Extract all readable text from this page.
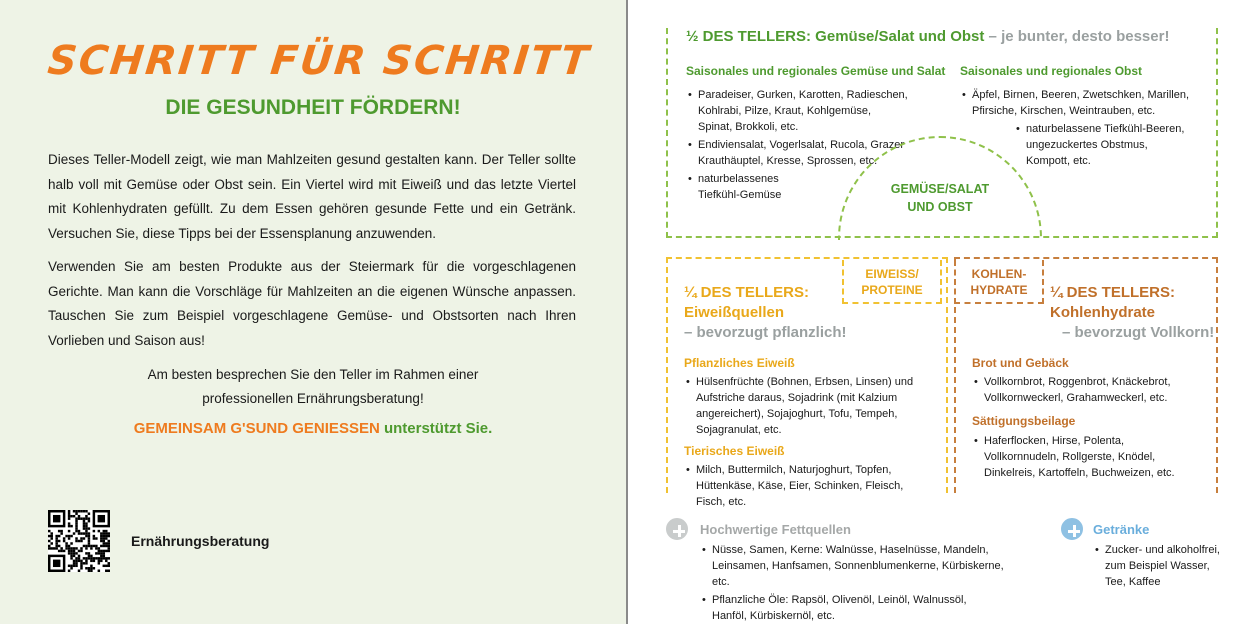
SCHRITT FÜR SCHRITT
DIE GESUNDHEIT FÖRDERN!

Dieses Teller-Modell zeigt, wie man Mahlzeiten gesund gestalten kann. Der Teller sollte halb voll mit Gemüse oder Obst sein. Ein Viertel wird mit Eiweiß und das letzte Viertel mit Kohlenhydraten gefüllt. Zu dem Essen gehören gesunde Fette und ein Getränk. Versuchen Sie, diese Tipps bei der Essensplanung anzuwenden.

Verwenden Sie am besten Produkte aus der Steiermark für die vorgeschlagenen Gerichte. Man kann die Vorschläge für Mahlzeiten an die eigenen Wünsche anpassen. Tauschen Sie zum Beispiel vorgeschlagene Gemüse- und Obstsorten nach Ihren Vorlieben und Saison aus!

Am besten besprechen Sie den Teller im Rahmen einer
professionellen Ernährungsberatung!
GEMEINSAM G'SUND GENIESSEN unterstützt Sie.
Ernährungsberatung
½ DES TELLERS: Gemüse/Salat und Obst – je bunter, desto besser!
Saisonales und regionales Gemüse und Salat
• Paradeiser, Gurken, Karotten, Radieschen, Kohlrabi, Pilze, Kraut, Kohlgemüse, Spinat, Brokkoli, etc.
• Endiviensalat, Vogerlsalat, Rucola, Grazer Krauthäuptel, Kresse, Sprossen, etc.
• naturbelassenes Tiefkühl-Gemüse
Saisonales und regionales Obst
• Äpfel, Birnen, Beeren, Zwetschken, Marillen, Pfirsiche, Kirschen, Weintrauben, etc.
• naturbelassene Tiefkühl-Beeren, ungezuckertes Obstmus, Kompott, etc.
GEMÜSE/SALAT
UND OBST
EIWEISS/
PROTEINE
¼ DES TELLERS:
Eiweißquellen
– bevorzugt pflanzlich!
Pflanzliches Eiweiß
• Hülsenfrüchte (Bohnen, Erbsen, Linsen) und Aufstriche daraus, Sojadrink (mit Kalzium angereichert), Sojajoghurt, Tofu, Tempeh, Sojagranulat, etc.
Tierisches Eiweiß
• Milch, Buttermilch, Naturjoghurt, Topfen, Hüttenkäse, Käse, Eier, Schinken, Fleisch, Fisch, etc.
KOHLEN-
HYDRATE	¼ DES TELLERS:
Kohlenhydrate
– bevorzugt Vollkorn!
Brot und Gebäck
• Vollkornbrot, Roggenbrot, Knäckebrot, Vollkornweckerl, Grahamweckerl, etc.
Sättigungsbeilage
• Haferflocken, Hirse, Polenta, Vollkornnudeln, Rollgerste, Knödel, Dinkelreis, Kartoffeln, Buchweizen, etc.
Hochwertige Fettquellen
• Nüsse, Samen, Kerne: Walnüsse, Haselnüsse, Mandeln, Leinsamen, Hanfsamen, Sonnenblumenkerne, Kürbiskerne, etc.
• Pflanzliche Öle: Rapsöl, Olivenöl, Leinöl, Walnussöl, Hanföl, Kürbiskernöl, etc.
Getränke
• Zucker- und alkoholfrei, zum Beispiel Wasser, Tee, Kaffee
